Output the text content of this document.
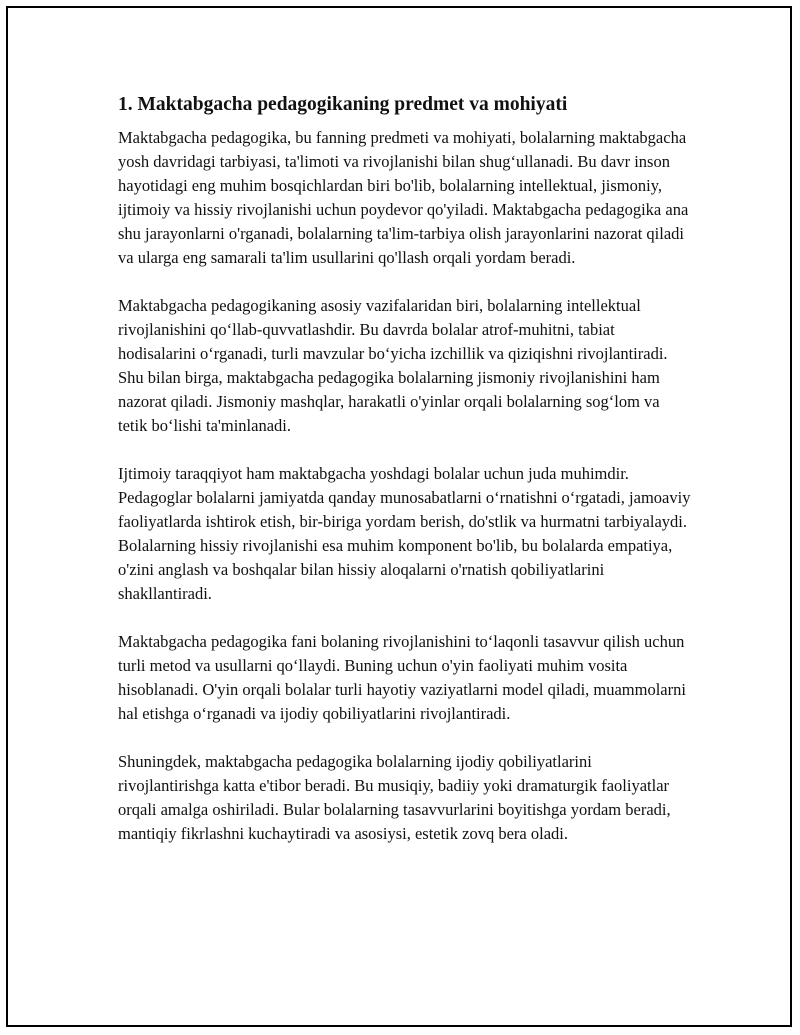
1. Maktabgacha pedagogikaning predmet va mohiyati

Maktabgacha pedagogika, bu fanning predmeti va mohiyati, bolalarning maktabgacha yosh davridagi tarbiyasi, ta'limoti va rivojlanishi bilan shug‘ullanadi. Bu davr inson hayotidagi eng muhim bosqichlardan biri bo'lib, bolalarning intellektual, jismoniy, ijtimoiy va hissiy rivojlanishi uchun poydevor qo'yiladi. Maktabgacha pedagogika ana shu jarayonlarni o'rganadi, bolalarning ta'lim-tarbiya olish jarayonlarini nazorat qiladi va ularga eng samarali ta'lim usullarini qo'llash orqali yordam beradi.

Maktabgacha pedagogikaning asosiy vazifalaridan biri, bolalarning intellektual rivojlanishini qo‘llab-quvvatlashdir. Bu davrda bolalar atrof-muhitni, tabiat hodisalarini o‘rganadi, turli mavzular bo‘yicha izchillik va qiziqishni rivojlantiradi. Shu bilan birga, maktabgacha pedagogika bolalarning jismoniy rivojlanishini ham nazorat qiladi. Jismoniy mashqlar, harakatli o'yinlar orqali bolalarning sog‘lom va tetik bo‘lishi ta'minlanadi.

Ijtimoiy taraqqiyot ham maktabgacha yoshdagi bolalar uchun juda muhimdir. Pedagoglar bolalarni jamiyatda qanday munosabatlarni o‘rnatishni o‘rgatadi, jamoaviy faoliyatlarda ishtirok etish, bir-biriga yordam berish, do'stlik va hurmatni tarbiyalaydi. Bolalarning hissiy rivojlanishi esa muhim komponent bo'lib, bu bolalarda empatiya, o'zini anglash va boshqalar bilan hissiy aloqalarni o'rnatish qobiliyatlarini shakllantiradi.

Maktabgacha pedagogika fani bolaning rivojlanishini to‘laqonli tasavvur qilish uchun turli metod va usullarni qo‘llaydi. Buning uchun o'yin faoliyati muhim vosita hisoblanadi. O'yin orqali bolalar turli hayotiy vaziyatlarni model qiladi, muammolarni hal etishga o‘rganadi va ijodiy qobiliyatlarini rivojlantiradi.

Shuningdek, maktabgacha pedagogika bolalarning ijodiy qobiliyatlarini rivojlantirishga katta e'tibor beradi. Bu musiqiy, badiiy yoki dramaturgik faoliyatlar orqali amalga oshiriladi. Bular bolalarning tasavvurlarini boyitishga yordam beradi, mantiqiy fikrlashni kuchaytiradi va asosiysi, estetik zovq bera oladi.
